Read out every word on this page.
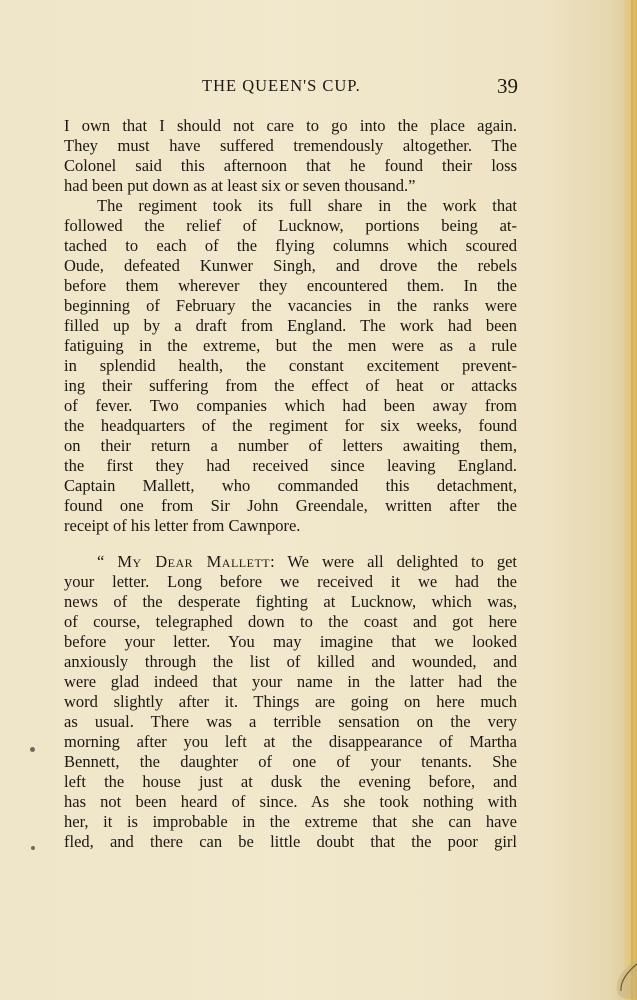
THE QUEEN'S CUP.	39
I own that I should not care to go into the place again.
They must have suffered tremendously altogether. The
Colonel said this afternoon that he found their loss
had been put down as at least six or seven thousand.”
The regiment took its full share in the work that
followed the relief of Lucknow, portions being at-
tached to each of the flying columns which scoured
Oude, defeated Kunwer Singh, and drove the rebels
before them wherever they encountered them. In the
beginning of February the vacancies in the ranks were
filled up by a draft from England. The work had been
fatiguing in the extreme, but the men were as a rule
in splendid health, the constant excitement prevent-
ing their suffering from the effect of heat or attacks
of fever. Two companies which had been away from
the headquarters of the regiment for six weeks, found
on their return a number of letters awaiting them,
the first they had received since leaving England.
Captain Mallett, who commanded this detachment,
found one from Sir John Greendale, written after the
receipt of his letter from Cawnpore.
“ My Dear Mallett: We were all delighted to get
your letter. Long before we received it we had the
news of the desperate fighting at Lucknow, which was,
of course, telegraphed down to the coast and got here
before your letter. You may imagine that we looked
anxiously through the list of killed and wounded, and
were glad indeed that your name in the latter had the
word slightly after it. Things are going on here much
as usual. There was a terrible sensation on the very
morning after you left at the disappearance of Martha
Bennett, the daughter of one of your tenants. She
left the house just at dusk the evening before, and
has not been heard of since. As she took nothing with
her, it is improbable in the extreme that she can have
fled, and there can be little doubt that the poor girl
